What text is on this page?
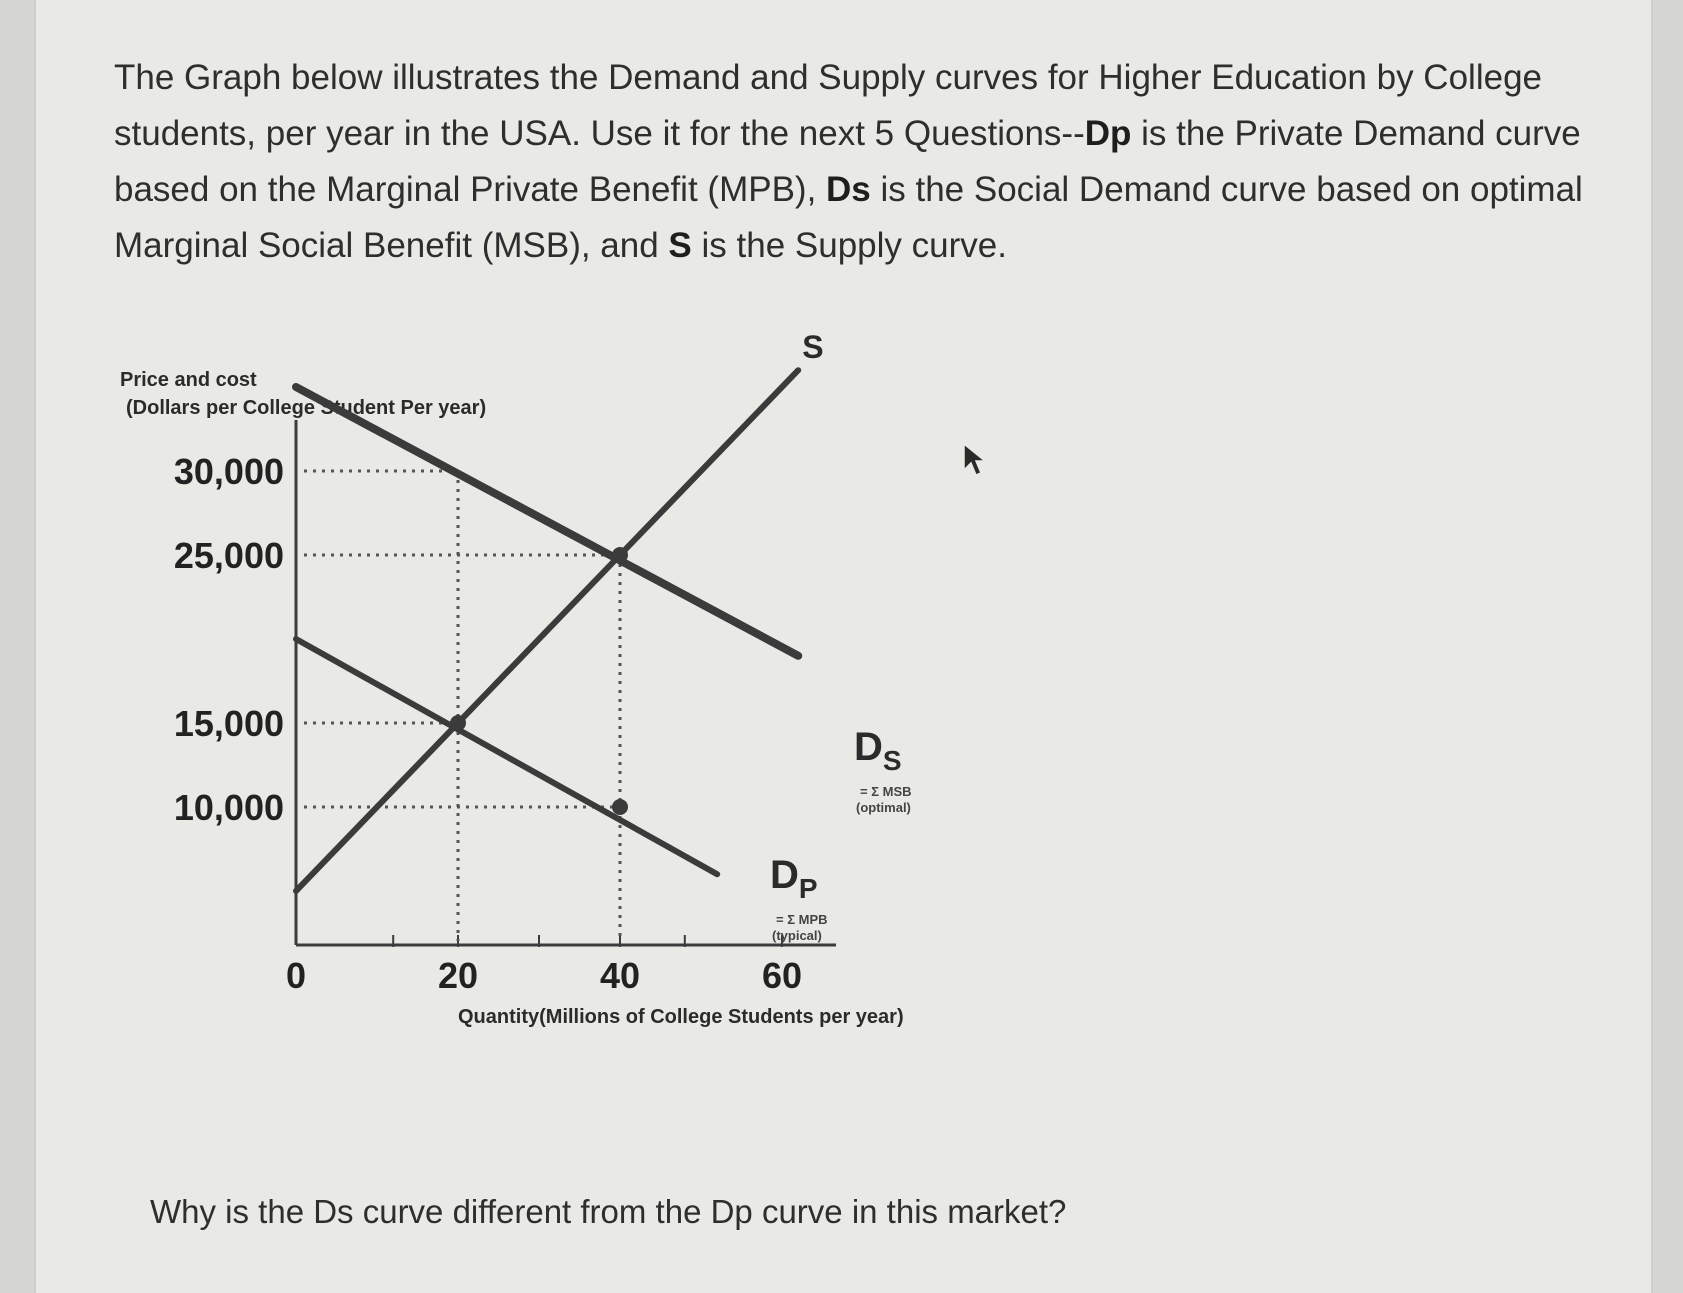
The Graph below illustrates the Demand and Supply curves for Higher Education by College students, per year in the USA. Use it for the next 5 Questions--Dp is the Private Demand curve based on the Marginal Private Benefit (MPB), Ds is the Social Demand curve based on optimal Marginal Social Benefit (MSB), and S is the Supply curve.
Price and cost
(Dollars per College Student Per year)
Quantity(Millions of College Students per year)
0	20	40	60
10,000
15,000
25,000
30,000
S
$D_S$
= Σ MSB
(optimal)
$D_P$
= Σ MPB
(typical)
Why is the Ds curve different from the Dp curve in this market?
